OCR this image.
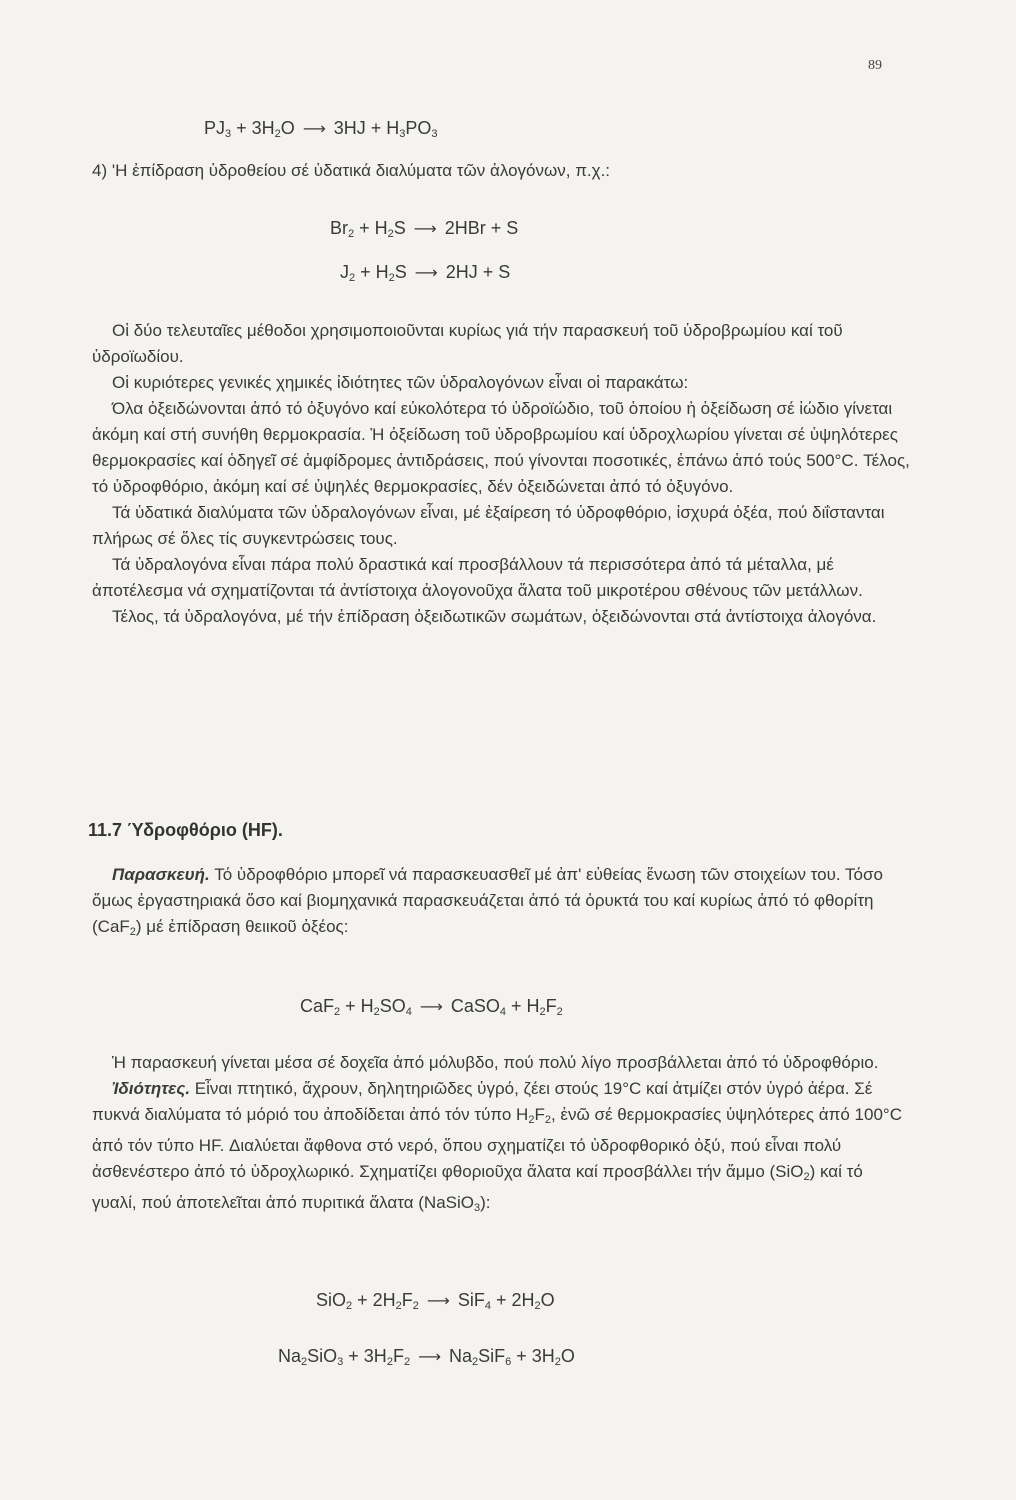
89
$PJ_3 + 3H_2O$ ⟶ $3HJ + H_3PO_3$
4) 'Η ἐπίδραση ὑδροθείου σέ ὑδατικά διαλύματα τῶν ἀλογόνων, π.χ.:
$Br_2 + H_2S$ ⟶ 2HBr + S
$J_2 + H_2S$ ⟶ 2HJ + S

Οἱ δύο τελευταῖες μέθοδοι χρησιμοποιοῦνται κυρίως γιά τήν παρασκευή τοῦ ὑδροβρωμίου καί τοῦ ὑδροϊωδίου.

Οἱ κυριότερες γενικές χημικές ἰδιότητες τῶν ὑδραλογόνων εἶναι οἱ παρακάτω:

Όλα ὀξειδώνονται ἀπό τό ὀξυγόνο καί εὐκολότερα τό ὑδροϊώδιο, τοῦ ὁποίου ἡ ὀξείδωση σέ ἰώδιο γίνεται ἀκόμη καί στή συνήθη θερμοκρασία. Ἡ ὀξείδωση τοῦ ὑδροβρωμίου καί ὑδροχλωρίου γίνεται σέ ὑψηλότερες θερμοκρασίες καί ὁδηγεῖ σέ ἀμφίδρομες ἀντιδράσεις, πού γίνονται ποσοτικές, ἐπάνω ἀπό τούς 500°C. Τέλος, τό ὑδροφθόριο, ἀκόμη καί σέ ὑψηλές θερμοκρασίες, δέν ὀξειδώνεται ἀπό τό ὀξυγόνο.

Τά ὑδατικά διαλύματα τῶν ὑδραλογόνων εἶναι, μέ ἐξαίρεση τό ὑδροφθόριο, ἰσχυρά ὀξέα, πού διΐστανται πλήρως σέ ὅλες τίς συγκεντρώσεις τους.

Τά ὑδραλογόνα εἶναι πάρα πολύ δραστικά καί προσβάλλουν τά περισσότερα ἀπό τά μέταλλα, μέ ἀποτέλεσμα νά σχηματίζονται τά ἀντίστοιχα ἀλογονοῦχα ἅλατα τοῦ μικροτέρου σθένους τῶν μετάλλων.

Τέλος, τά ὑδραλογόνα, μέ τήν ἐπίδραση ὀξειδωτικῶν σωμάτων, ὀξειδώνονται στά ἀντίστοιχα ἀλογόνα.

11.7 Ύδροφθόριο (HF).

Παρασκευή. Τό ὑδροφθόριο μπορεῖ νά παρασκευασθεῖ μέ ἀπ' εὐθείας ἕνωση τῶν στοιχείων του. Τόσο ὅμως ἐργαστηριακά ὅσο καί βιομηχανικά παρασκευάζεται ἀπό τά ὀρυκτά του καί κυρίως ἀπό τό φθορίτη (CaF$_2$) μέ ἐπίδραση θειικοῦ ὀξέος:

$CaF_2 + H_2SO_4$ ⟶ CaSO$_4$ + $H_2F_2$

Ἡ παρασκευή γίνεται μέσα σέ δοχεῖα ἀπό μόλυβδο, πού πολύ λίγο προσβάλλεται ἀπό τό ὑδροφθόριο.

Ἰδιότητες. Εἶναι πτητικό, ἄχρουν, δηλητηριῶδες ὑγρό, ζέει στούς 19°C καί ἀτμίζει στόν ὑγρό ἀέρα. Σέ πυκνά διαλύματα τό μόριό του ἀποδίδεται ἀπό τόν τύπο $H_2F_2$, ἐνῶ σέ θερμοκρασίες ὑψηλότερες ἀπό 100°C ἀπό τόν τύπο HF. Διαλύεται ἄφθονα στό νερό, ὅπου σχηματίζει τό ὑδροφθορικό ὀξύ, πού εἶναι πολύ ἀσθενέστερο ἀπό τό ὑδροχλωρικό. Σχηματίζει φθοριοῦχα ἅλατα καί προσβάλλει τήν ἄμμο (SiO$_2$) καί τό γυαλί, πού ἀποτελεῖται ἀπό πυριτικά ἅλατα (NaSiO$_3$):

$SiO_2 + 2H_2F_2$ ⟶ $SiF_4 + 2H_2O$
$Na_2SiO_3 + 3H_2F_2$ ⟶ $Na_2SiF_6 + 3H_2O$
